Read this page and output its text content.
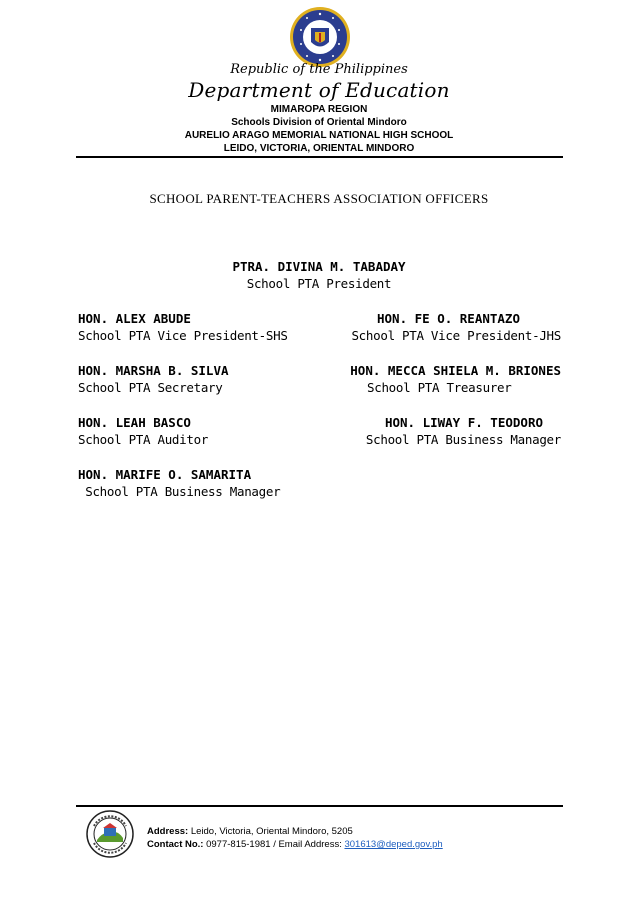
Republic of the Philippines
Department of Education
MIMAROPA REGION
Schools Division of Oriental Mindoro
AURELIO ARAGO MEMORIAL NATIONAL HIGH SCHOOL
LEIDO, VICTORIA, ORIENTAL MINDORO
SCHOOL PARENT-TEACHERS ASSOCIATION OFFICERS
PTRA. DIVINA M. TABADAY
School PTA President
HON. ALEX ABUDE
School PTA Vice President-SHS
HON. FE O. REANTAZO
School PTA Vice President-JHS
HON. MARSHA B. SILVA
School PTA Secretary
HON. MECCA SHIELA M. BRIONES
School PTA Treasurer
HON. LEAH BASCO
School PTA Auditor
HON. LIWAY F. TEODORO
School PTA Business Manager
HON. MARIFE O. SAMARITA
School PTA Business Manager
Address: Leido, Victoria, Oriental Mindoro, 5205
Contact No.: 0977-815-1981 / Email Address: 301613@deped.gov.ph
